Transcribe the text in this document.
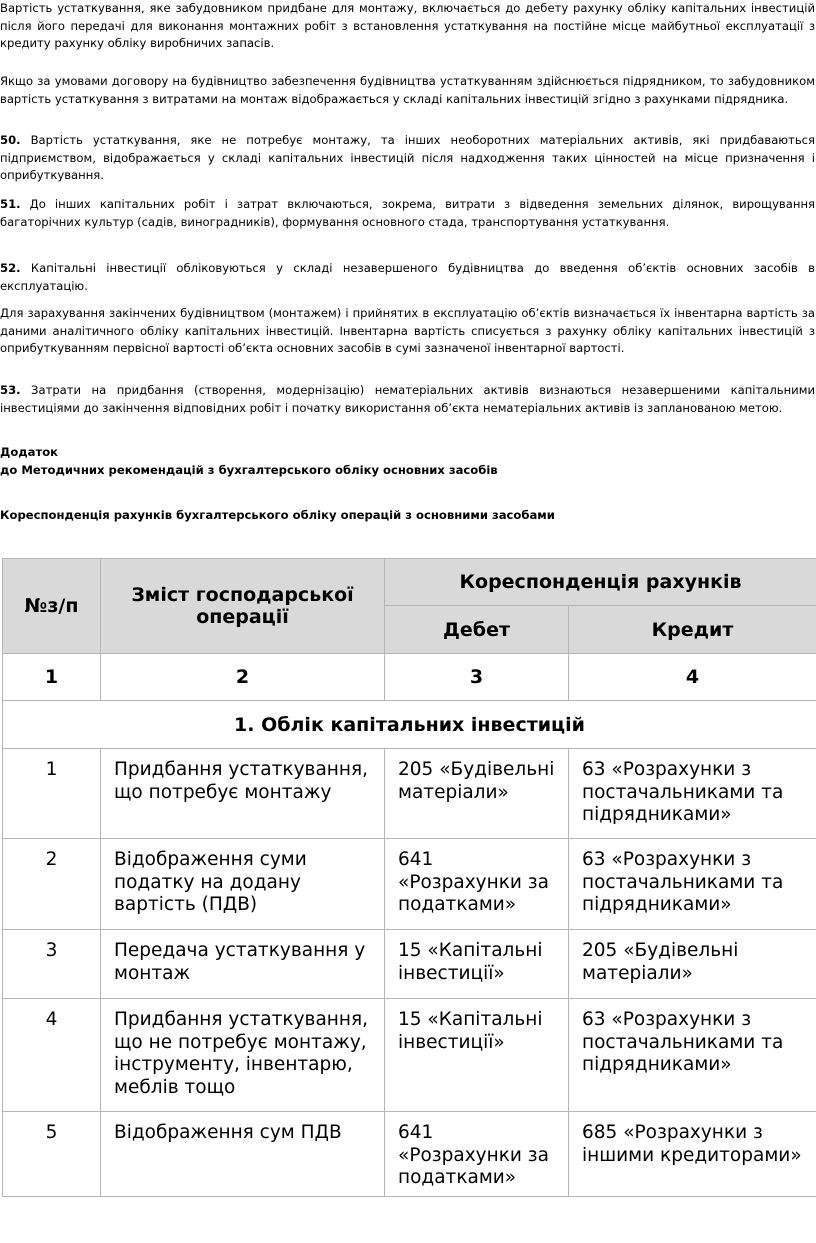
Вартість устаткування, яке забудовником придбане для монтажу, включається до дебету рахунку обліку капітальних інвестицій після його передачі для виконання монтажних робіт з встановлення устаткування на постійне місце майбутньої експлуатації з кредиту рахунку обліку виробничих запасів.

Якщо за умовами договору на будівництво забезпечення будівництва устаткуванням здійснюється підрядником, то забудовником вартість устаткування з витратами на монтаж відображається у складі капітальних інвестицій згідно з рахунками підрядника.

50. Вартість устаткування, яке не потребує монтажу, та інших необоротних матеріальних активів, які придбаваються підприємством, відображається у складі капітальних інвестицій після надходження таких цінностей на місце призначення і оприбуткування.

51. До інших капітальних робіт і затрат включаються, зокрема, витрати з відведення земельних ділянок, вирощування багаторічних культур (садів, виноградників), формування основного стада, транспортування устаткування.

52. Капітальні інвестиції обліковуються у складі незавершеного будівництва до введення об’єктів основних засобів в експлуатацію.

Для зарахування закінчених будівництвом (монтажем) і прийнятих в експлуатацію об’єктів визначається їх інвентарна вартість за даними аналітичного обліку капітальних інвестицій. Інвентарна вартість списується з рахунку обліку капітальних інвестицій з оприбуткуванням первісної вартості об’єкта основних засобів в сумі зазначеної інвентарної вартості.

53. Затрати на придбання (створення, модернізацію) нематеріальних активів визнаються незавершеними капітальними інвестиціями до закінчення відповідних робіт і початку використання об’єкта нематеріальних активів із запланованою метою.

Додаток
до Методичних рекомендацій з бухгалтерського обліку основних засобів
Кореспонденція рахунків бухгалтерського обліку операцій з основними засобами
№з/п	Зміст господарської операції	Кореспонденція рахунків	
		Дебет	Кредит
1	2	3	4
1. Облік капітальних інвестицій			
1	Придбання устаткування, що потребує монтажу	205 «Будівельні матеріали»	63 «Розрахунки з постачальниками та підрядниками»
2	Відображення суми податку на додану вартість (ПДВ)	641 «Розрахунки за податками»	63 «Розрахунки з постачальниками та підрядниками»
3	Передача устаткування у монтаж	15 «Капітальні інвестиції»	205 «Будівельні матеріали»
4	Придбання устаткування, що не потребує монтажу, інструменту, інвентарю, меблів тощо	15 «Капітальні інвестиції»	63 «Розрахунки з постачальниками та підрядниками»
5	Відображення сум ПДВ	641 «Розрахунки за податками»	685 «Розрахунки з іншими кредиторами»
